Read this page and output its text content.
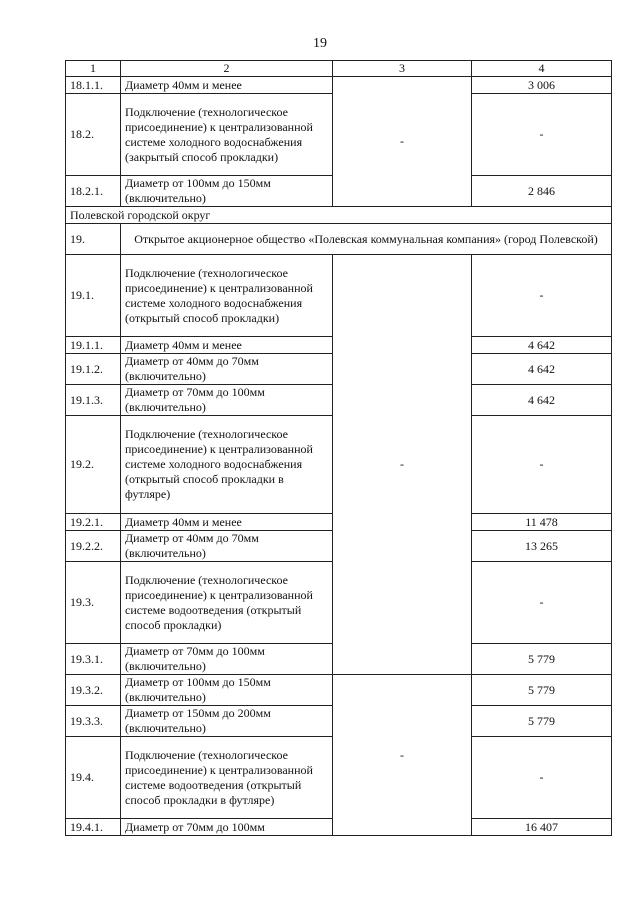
19
1	2	3	4
18.1.1.	Диаметр 40мм и менее	-	3 006
18.2.	Подключение (технологическое присоединение) к централизованной системе холодного водоснабжения (закрытый способ прокладки)		-
18.2.1.	Диаметр от 100мм до 150мм (включительно)		2 846
Полевской городской округ			
19.	Открытое акционерное общество «Полевская коммунальная компания» (город Полевской)		
19.1.	Подключение (технологическое присоединение) к централизованной системе холодного водоснабжения (открытый способ прокладки)	-	-
19.1.1.	Диаметр 40мм и менее		4 642
19.1.2.	Диаметр от 40мм до 70мм (включительно)		4 642
19.1.3.	Диаметр от 70мм до 100мм (включительно)		4 642
19.2.	Подключение (технологическое присоединение) к централизованной системе холодного водоснабжения (открытый способ прокладки в футляре)		-
19.2.1.	Диаметр 40мм и менее		11 478
19.2.2.	Диаметр от 40мм до 70мм (включительно)		13 265
19.3.	Подключение (технологическое присоединение) к централизованной системе водоотведения (открытый способ прокладки)		-
19.3.1.	Диаметр от 70мм до 100мм (включительно)		5 779
19.3.2.	Диаметр от 100мм до 150мм (включительно)	-	5 779
19.3.3.	Диаметр от 150мм до 200мм (включительно)		5 779
19.4.	Подключение (технологическое присоединение) к централизованной системе водоотведения (открытый способ прокладки в футляре)		-
19.4.1.	Диаметр от 70мм до 100мм		16 407
